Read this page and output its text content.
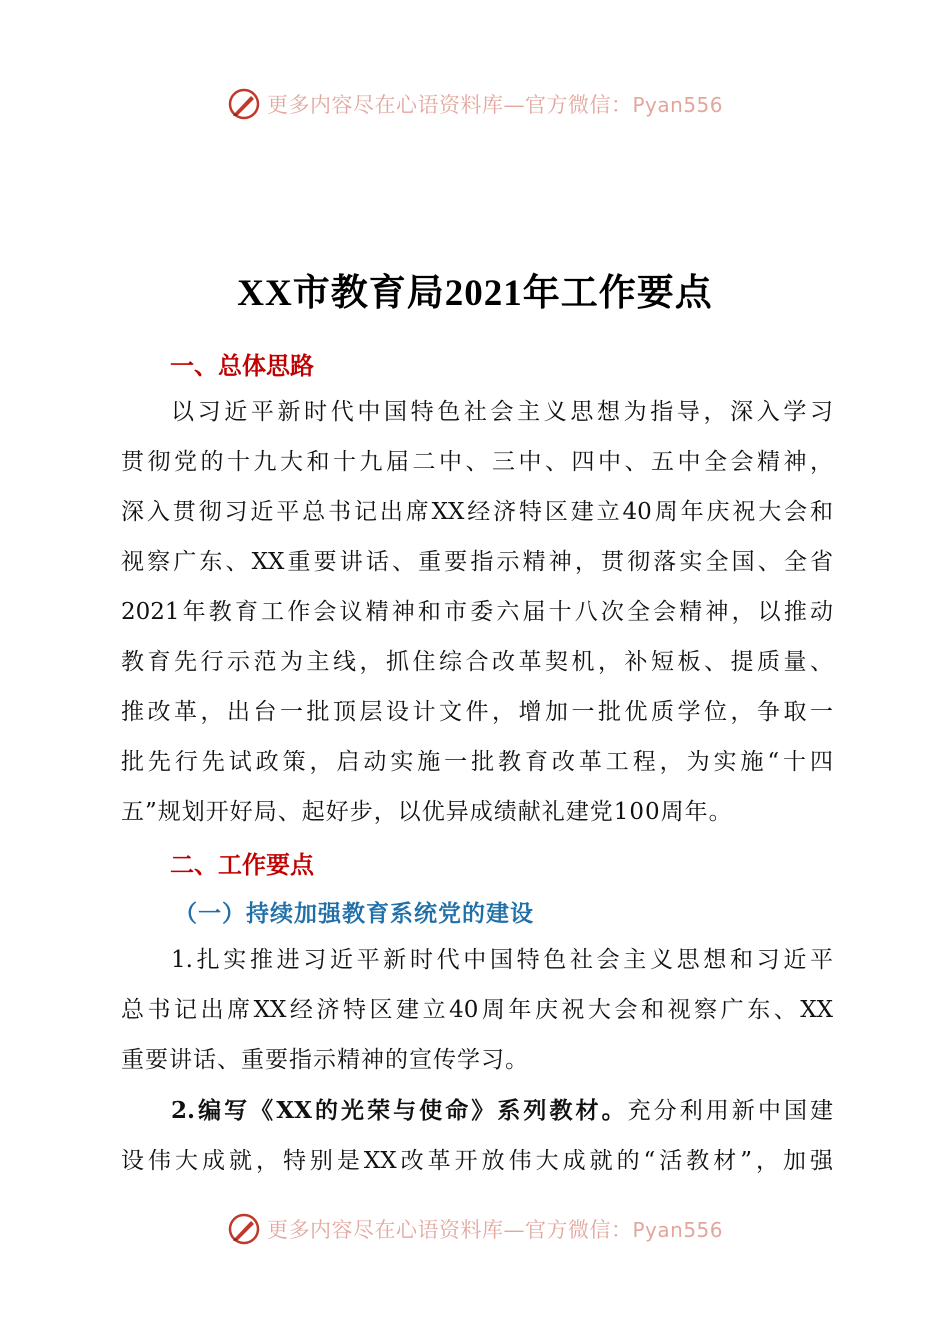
更多内容尽在心语资料库—官方微信：Pyan556
XX市教育局2021年工作要点
一、总体思路
以习近平新时代中国特色社会主义思想为指导，深入学习
贯彻党的十九大和十九届二中、三中、四中、五中全会精神，
深入贯彻习近平总书记出席XX经济特区建立40周年庆祝大会和
视察广东、XX重要讲话、重要指示精神，贯彻落实全国、全省
2021年教育工作会议精神和市委六届十八次全会精神，以推动
教育先行示范为主线，抓住综合改革契机，补短板、提质量、
推改革，出台一批顶层设计文件，增加一批优质学位，争取一
批先行先试政策，启动实施一批教育改革工程，为实施“十四
五”规划开好局、起好步，以优异成绩献礼建党100周年。
二、工作要点
（一）持续加强教育系统党的建设
1.扎实推进习近平新时代中国特色社会主义思想和习近平
总书记出席XX经济特区建立40周年庆祝大会和视察广东、XX
重要讲话、重要指示精神的宣传学习。
2.编写《XX的光荣与使命》系列教材。充分利用新中国建
设伟大成就，特别是XX改革开放伟大成就的“活教材”，加强
更多内容尽在心语资料库—官方微信：Pyan556
